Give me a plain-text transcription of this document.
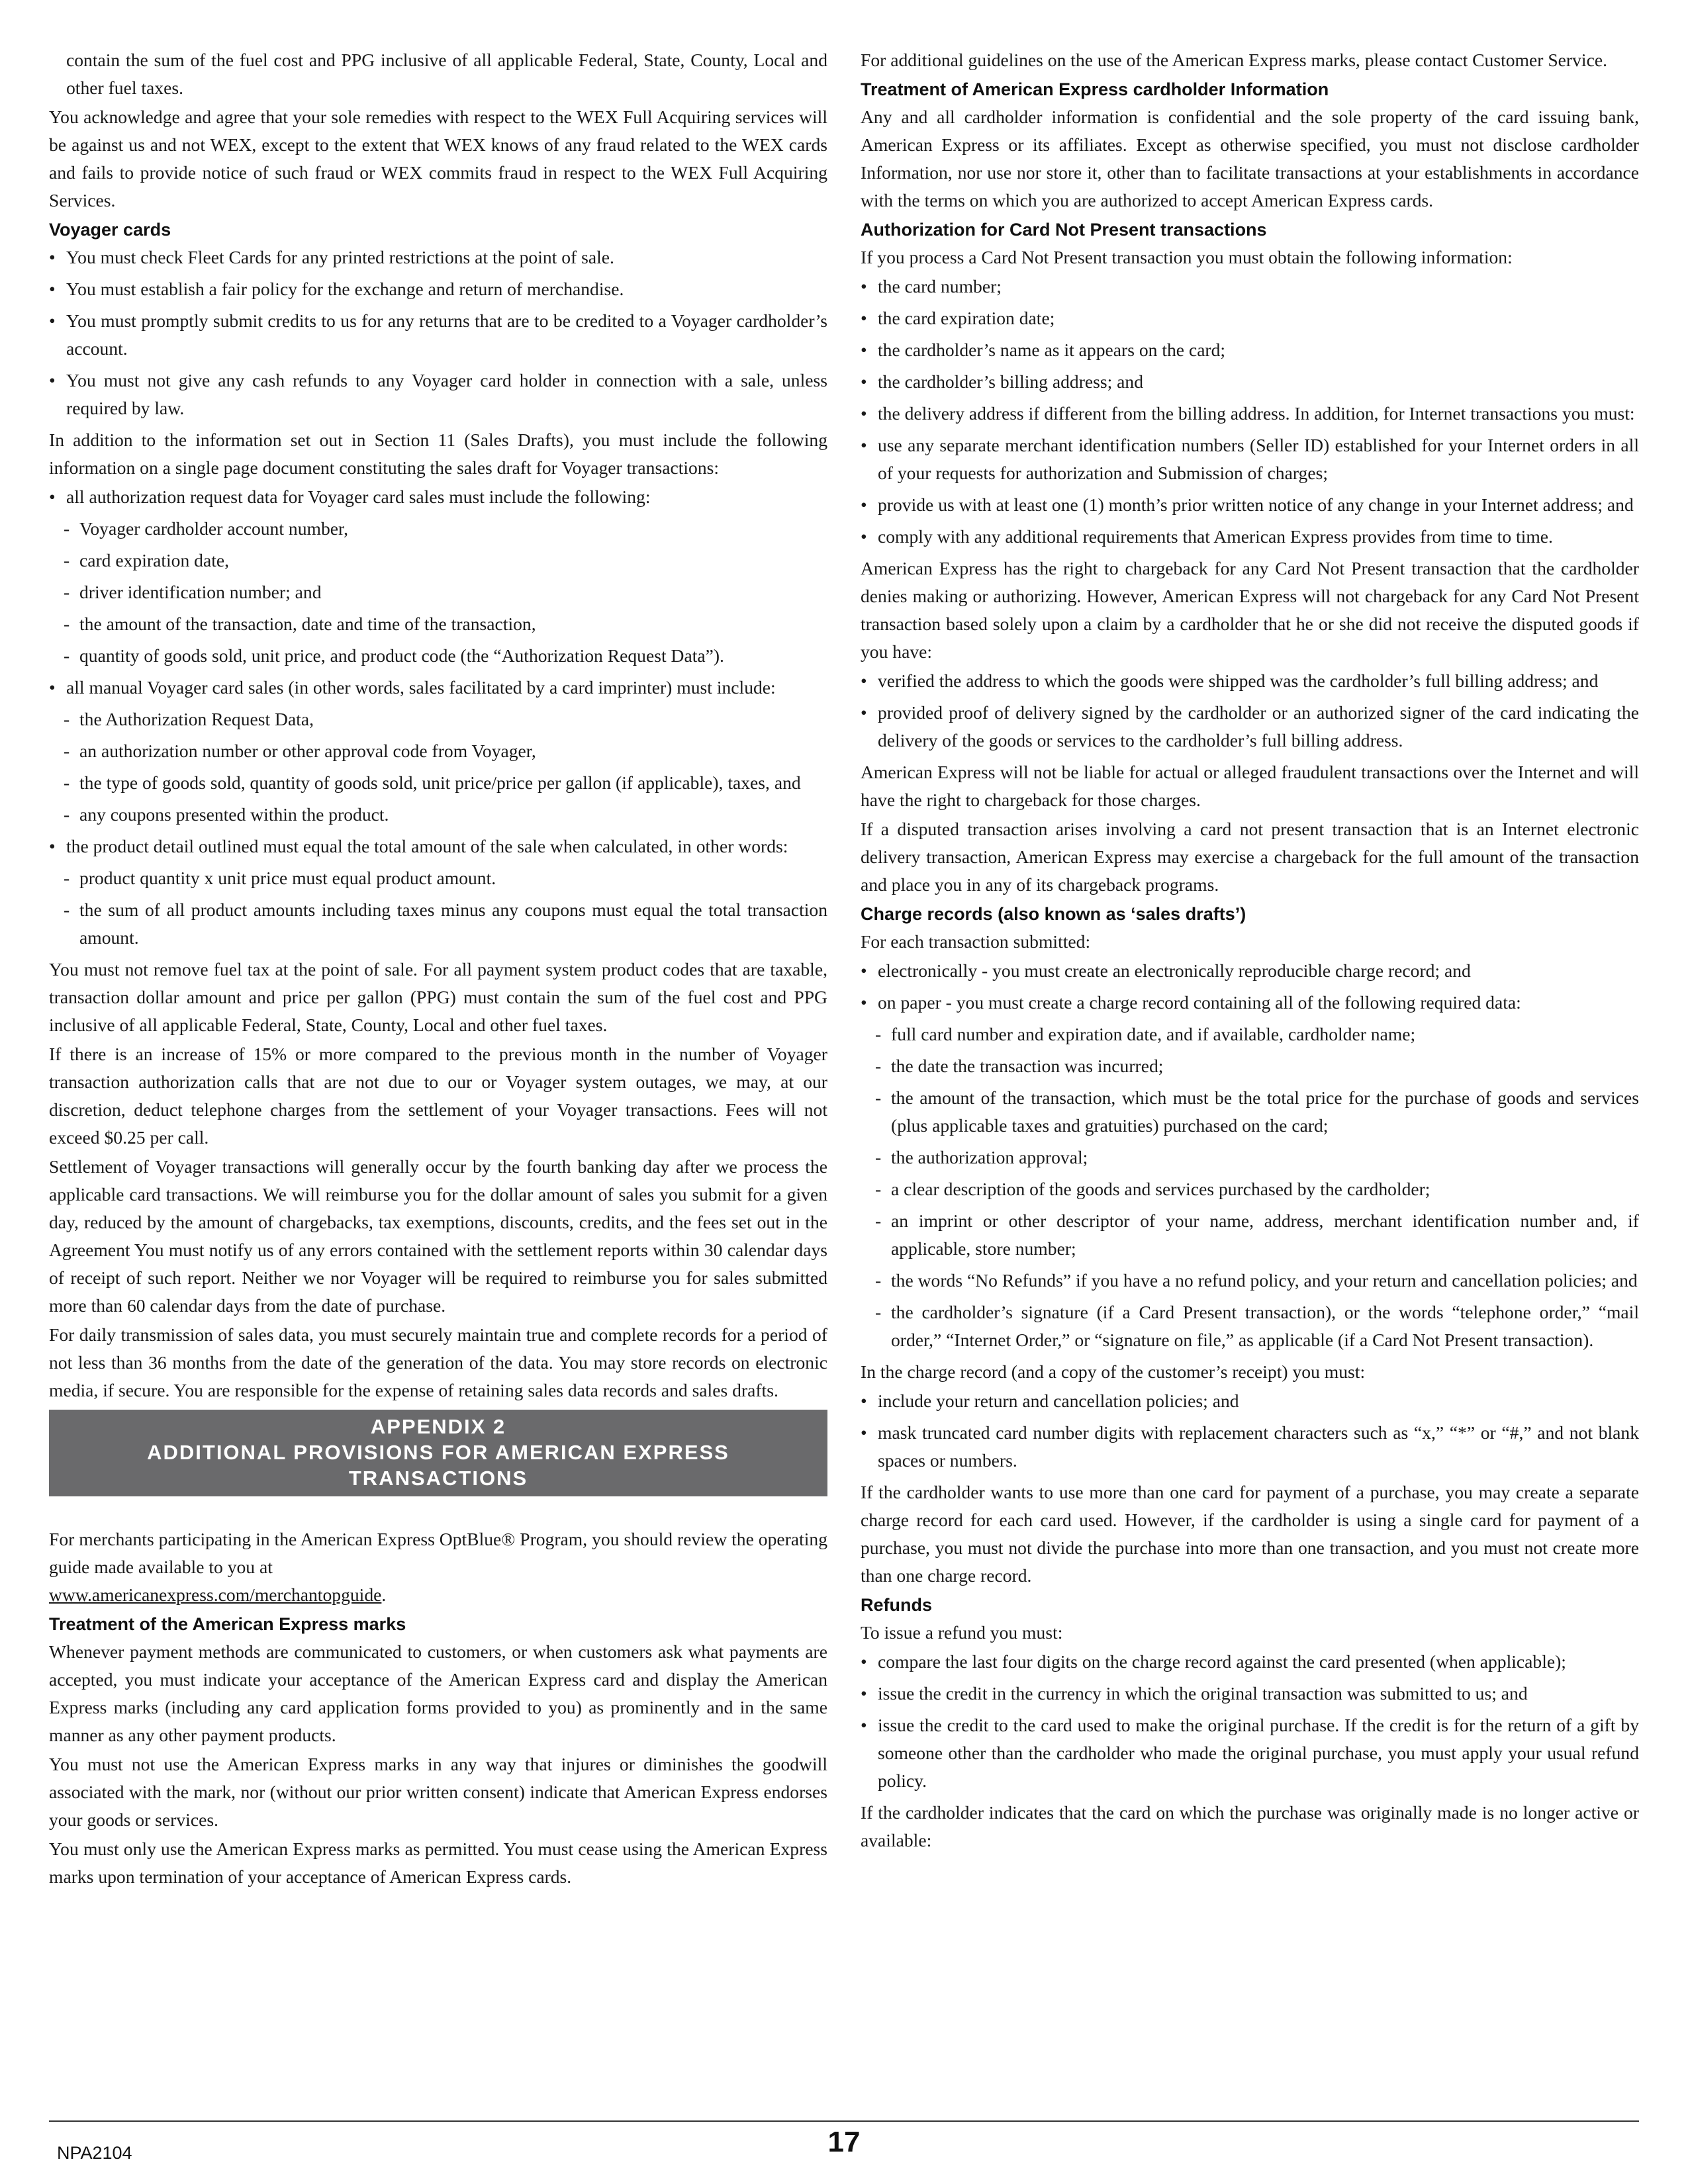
contain the sum of the fuel cost and PPG inclusive of all applicable Federal, State, County, Local and other fuel taxes.

You acknowledge and agree that your sole remedies with respect to the WEX Full Acquiring services will be against us and not WEX, except to the extent that WEX knows of any fraud related to the WEX cards and fails to provide notice of such fraud or WEX commits fraud in respect to the WEX Full Acquiring Services.

Voyager cards
• You must check Fleet Cards for any printed restrictions at the point of sale.
• You must establish a fair policy for the exchange and return of merchandise.
• You must promptly submit credits to us for any returns that are to be credited to a Voyager cardholder’s account.
• You must not give any cash refunds to any Voyager card holder in connection with a sale, unless required by law.

In addition to the information set out in Section 11 (Sales Drafts), you must include the following information on a single page document constituting the sales draft for Voyager transactions:

• all authorization request data for Voyager card sales must include the following:
- Voyager cardholder account number,
- card expiration date,
- driver identification number; and
- the amount of the transaction, date and time of the transaction,
- quantity of goods sold, unit price, and product code (the “Authorization Request Data”).
• all manual Voyager card sales (in other words, sales facilitated by a card imprinter) must include:
- the Authorization Request Data,
- an authorization number or other approval code from Voyager,
- the type of goods sold, quantity of goods sold, unit price/price per gallon (if applicable), taxes, and
- any coupons presented within the product.
• the product detail outlined must equal the total amount of the sale when calculated, in other words:
- product quantity x unit price must equal product amount.
- the sum of all product amounts including taxes minus any coupons must equal the total transaction amount.

You must not remove fuel tax at the point of sale. For all payment system product codes that are taxable, transaction dollar amount and price per gallon (PPG) must contain the sum of the fuel cost and PPG inclusive of all applicable Federal, State, County, Local and other fuel taxes.

If there is an increase of 15% or more compared to the previous month in the number of Voyager transaction authorization calls that are not due to our or Voyager system outages, we may, at our discretion, deduct telephone charges from the settlement of your Voyager transactions. Fees will not exceed $0.25 per call.

Settlement of Voyager transactions will generally occur by the fourth banking day after we process the applicable card transactions. We will reimburse you for the dollar amount of sales you submit for a given day, reduced by the amount of chargebacks, tax exemptions, discounts, credits, and the fees set out in the Agreement You must notify us of any errors contained with the settlement reports within 30 calendar days of receipt of such report. Neither we nor Voyager will be required to reimburse you for sales submitted more than 60 calendar days from the date of purchase.

For daily transmission of sales data, you must securely maintain true and complete records for a period of not less than 36 months from the date of the generation of the data. You may store records on electronic media, if secure. You are responsible for the expense of retaining sales data records and sales drafts.

APPENDIX 2
ADDITIONAL PROVISIONS FOR AMERICAN EXPRESS
TRANSACTIONS

For merchants participating in the American Express OptBlue® Program, you should review the operating guide made available to you at
www.americanexpress.com/merchantopguide.

Treatment of the American Express marks

Whenever payment methods are communicated to customers, or when customers ask what payments are accepted, you must indicate your acceptance of the American Express card and display the American Express marks (including any card application forms provided to you) as prominently and in the same manner as any other payment products.

You must not use the American Express marks in any way that injures or diminishes the goodwill associated with the mark, nor (without our prior written consent) indicate that American Express endorses your goods or services.

You must only use the American Express marks as permitted. You must cease using the American Express marks upon termination of your acceptance of American Express cards.

For additional guidelines on the use of the American Express marks, please contact Customer Service.

Treatment of American Express cardholder Information

Any and all cardholder information is confidential and the sole property of the card issuing bank, American Express or its affiliates. Except as otherwise specified, you must not disclose cardholder Information, nor use nor store it, other than to facilitate transactions at your establishments in accordance with the terms on which you are authorized to accept American Express cards.

Authorization for Card Not Present transactions

If you process a Card Not Present transaction you must obtain the following information:

• the card number;
• the card expiration date;
• the cardholder’s name as it appears on the card;
• the cardholder’s billing address; and
• the delivery address if different from the billing address. In addition, for Internet transactions you must:
• use any separate merchant identification numbers (Seller ID) established for your Internet orders in all of your requests for authorization and Submission of charges;
• provide us with at least one (1) month’s prior written notice of any change in your Internet address; and
• comply with any additional requirements that American Express provides from time to time.

American Express has the right to chargeback for any Card Not Present transaction that the cardholder denies making or authorizing. However, American Express will not chargeback for any Card Not Present transaction based solely upon a claim by a cardholder that he or she did not receive the disputed goods if you have:

• verified the address to which the goods were shipped was the cardholder’s full billing address; and
• provided proof of delivery signed by the cardholder or an authorized signer of the card indicating the delivery of the goods or services to the cardholder’s full billing address.

American Express will not be liable for actual or alleged fraudulent transactions over the Internet and will have the right to chargeback for those charges.

If a disputed transaction arises involving a card not present transaction that is an Internet electronic delivery transaction, American Express may exercise a chargeback for the full amount of the transaction and place you in any of its chargeback programs.

Charge records (also known as ‘sales drafts’)

For each transaction submitted:

• electronically - you must create an electronically reproducible charge record; and
• on paper - you must create a charge record containing all of the following required data:
- full card number and expiration date, and if available, cardholder name;
- the date the transaction was incurred;
- the amount of the transaction, which must be the total price for the purchase of goods and services (plus applicable taxes and gratuities) purchased on the card;
- the authorization approval;
- a clear description of the goods and services purchased by the cardholder;
- an imprint or other descriptor of your name, address, merchant identification number and, if applicable, store number;
- the words “No Refunds” if you have a no refund policy, and your return and cancellation policies; and
- the cardholder’s signature (if a Card Present transaction), or the words “telephone order,” “mail order,” “Internet Order,” or “signature on file,” as applicable (if a Card Not Present transaction).

In the charge record (and a copy of the customer’s receipt) you must:

• include your return and cancellation policies; and
• mask truncated card number digits with replacement characters such as “x,” “*” or “#,” and not blank spaces or numbers.

If the cardholder wants to use more than one card for payment of a purchase, you may create a separate charge record for each card used. However, if the cardholder is using a single card for payment of a purchase, you must not divide the purchase into more than one transaction, and you must not create more than one charge record.

Refunds

To issue a refund you must:

• compare the last four digits on the charge record against the card presented (when applicable);
• issue the credit in the currency in which the original transaction was submitted to us; and
• issue the credit to the card used to make the original purchase. If the credit is for the return of a gift by someone other than the cardholder who made the original purchase, you must apply your usual refund policy.

If the cardholder indicates that the card on which the purchase was originally made is no longer active or available:

NPA2104	17
